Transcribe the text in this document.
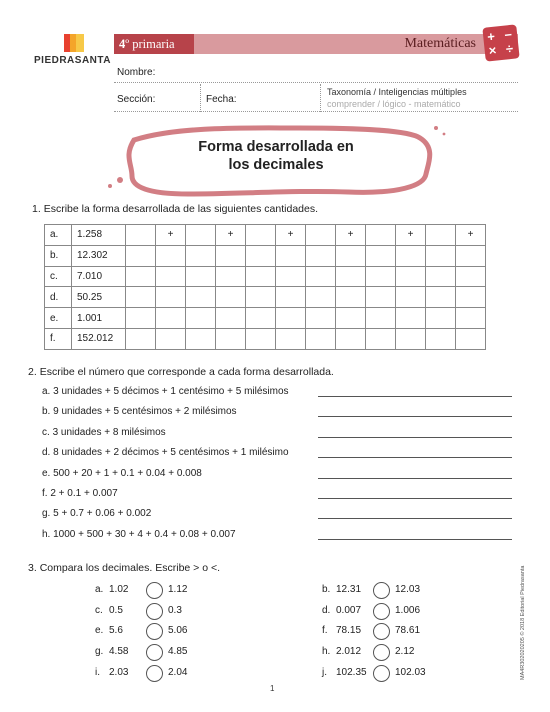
PIEDRASANTA
4º primaria	Matemáticas + −
× ÷
Nombre:
Sección:	Fecha:
Taxonomía / Inteligencias múltiples
comprender / lógico - matemático
Forma desarrollada en
los decimales
1. Escribe la forma desarrollada de las siguientes cantidades.
a.	1.258		+		+		+		+		+		+
b.	12.302												
c.	7.010												
d.	50.25												
e.	1.001												
f.	152.012												
2. Escribe el número que corresponde a cada forma desarrollada.
a. 3 unidades + 5 décimos + 1 centésimo + 5 milésimos
b. 9 unidades + 5 centésimos + 2 milésimos
c. 3 unidades + 8 milésimos
d. 8 unidades + 2 décimos + 5 centésimos + 1 milésimo
e. 500 + 20 + 1 + 0.1 + 0.04 + 0.008
f. 2 + 0.1 + 0.007
g. 5 + 0.7 + 0.06 + 0.002
h. 1000 + 500 + 30 + 4 + 0.4 + 0.08 + 0.007
3. Compara los decimales. Escribe > o <.
a. 1.02	1.12
c. 0.5	0.3
e. 5.6	5.06
g. 4.58	4.85
i. 2.03	2.04
b. 12.31	12.03
d. 0.007	1.006
f. 78.15	78.61
h. 2.012	2.12
j. 102.35	102.03	MA4R302020205 © 2018 Editorial Piedrasanta
1
